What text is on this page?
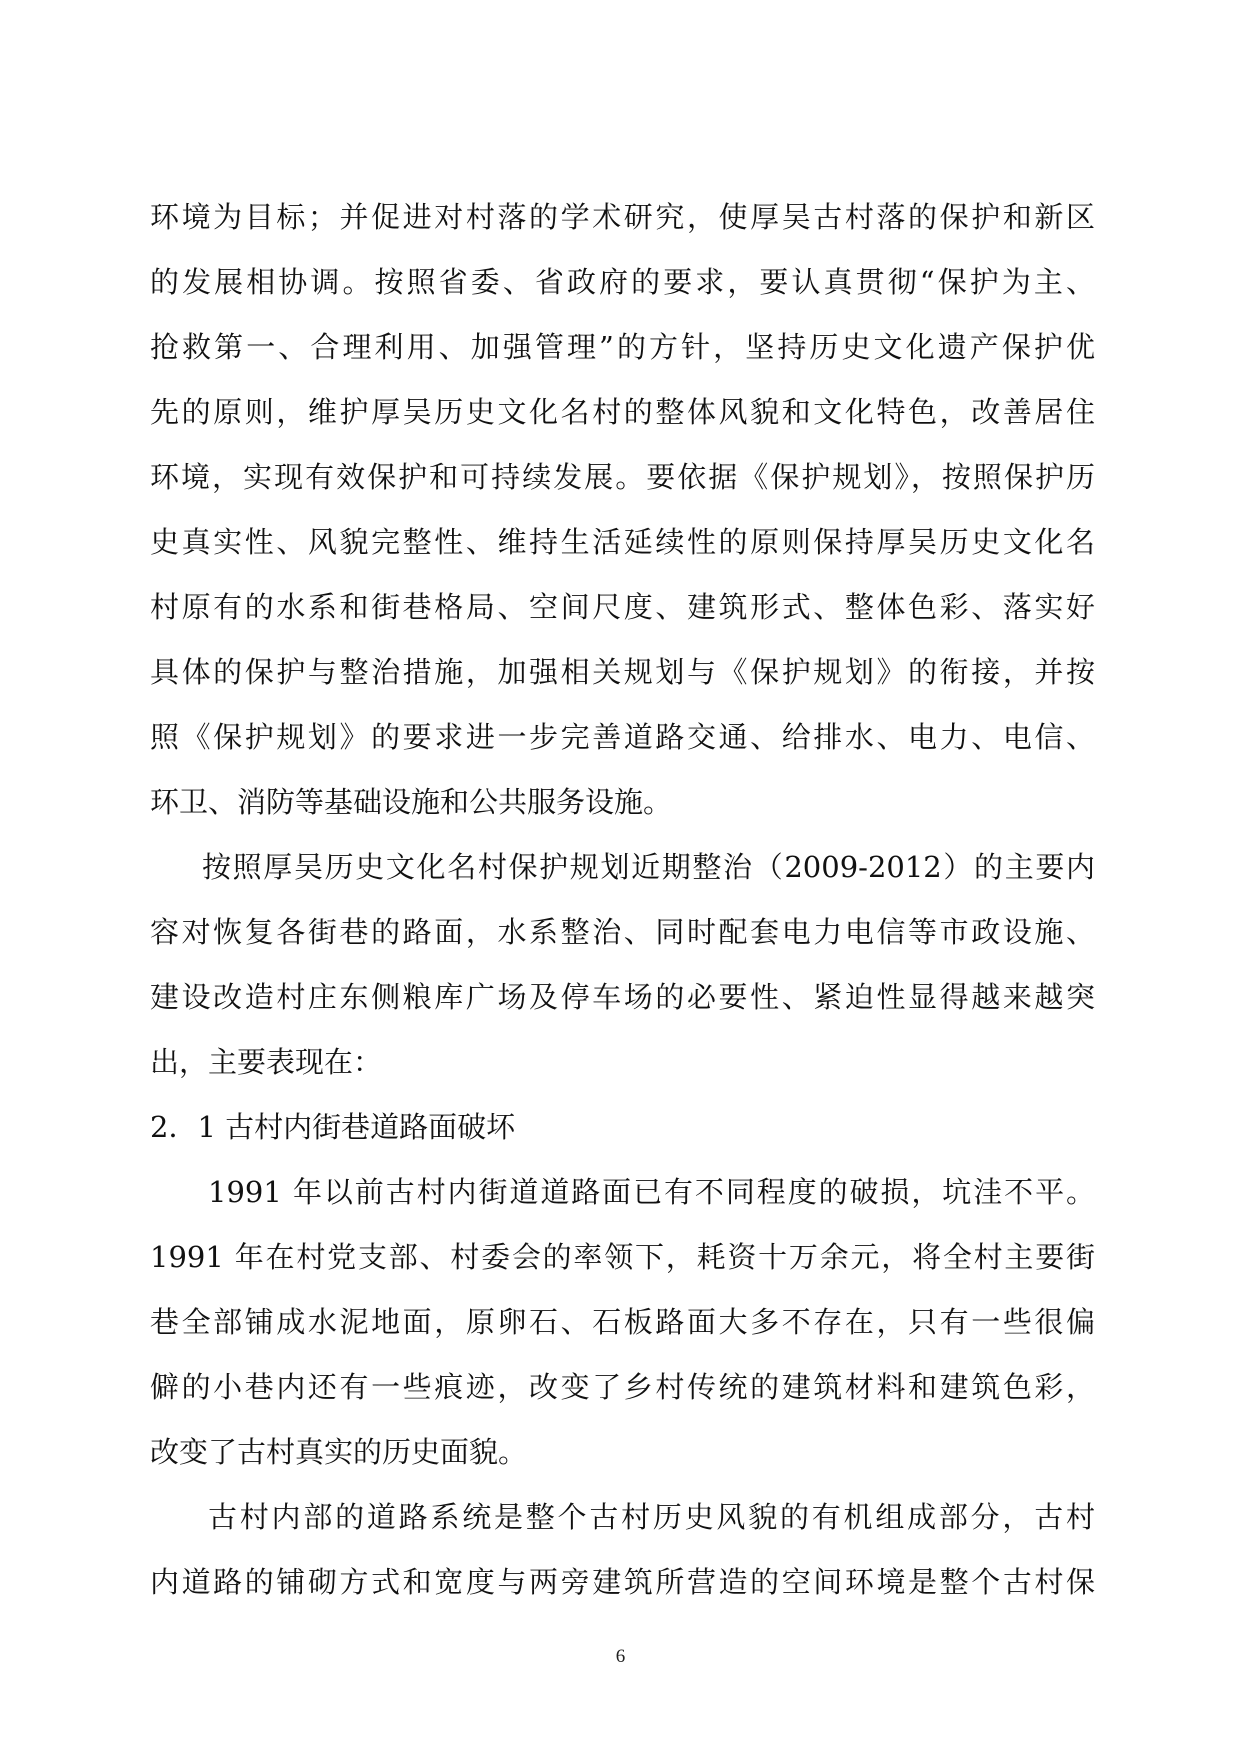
环境为目标；并促进对村落的学术研究，使厚吴古村落的保护和新区
的发展相协调。按照省委、省政府的要求，要认真贯彻“保护为主、
抢救第一、合理利用、加强管理”的方针，坚持历史文化遗产保护优
先的原则，维护厚吴历史文化名村的整体风貌和文化特色，改善居住
环境，实现有效保护和可持续发展。要依据《保护规划》，按照保护历
史真实性、风貌完整性、维持生活延续性的原则保持厚吴历史文化名
村原有的水系和街巷格局、空间尺度、建筑形式、整体色彩、落实好
具体的保护与整治措施，加强相关规划与《保护规划》的衔接，并按
照《保护规划》的要求进一步完善道路交通、给排水、电力、电信、
环卫、消防等基础设施和公共服务设施。
按照厚吴历史文化名村保护规划近期整治（2009-2012）的主要内
容对恢复各街巷的路面，水系整治、同时配套电力电信等市政设施、
建设改造村庄东侧粮库广场及停车场的必要性、紧迫性显得越来越突
出，主要表现在：
2．1 古村内街巷道路面破坏
1991 年以前古村内街道道路面已有不同程度的破损，坑洼不平。
1991 年在村党支部、村委会的率领下，耗资十万余元，将全村主要街
巷全部铺成水泥地面，原卵石、石板路面大多不存在，只有一些很偏
僻的小巷内还有一些痕迹，改变了乡村传统的建筑材料和建筑色彩，
改变了古村真实的历史面貌。
古村内部的道路系统是整个古村历史风貌的有机组成部分，古村
内道路的铺砌方式和宽度与两旁建筑所营造的空间环境是整个古村保
6
